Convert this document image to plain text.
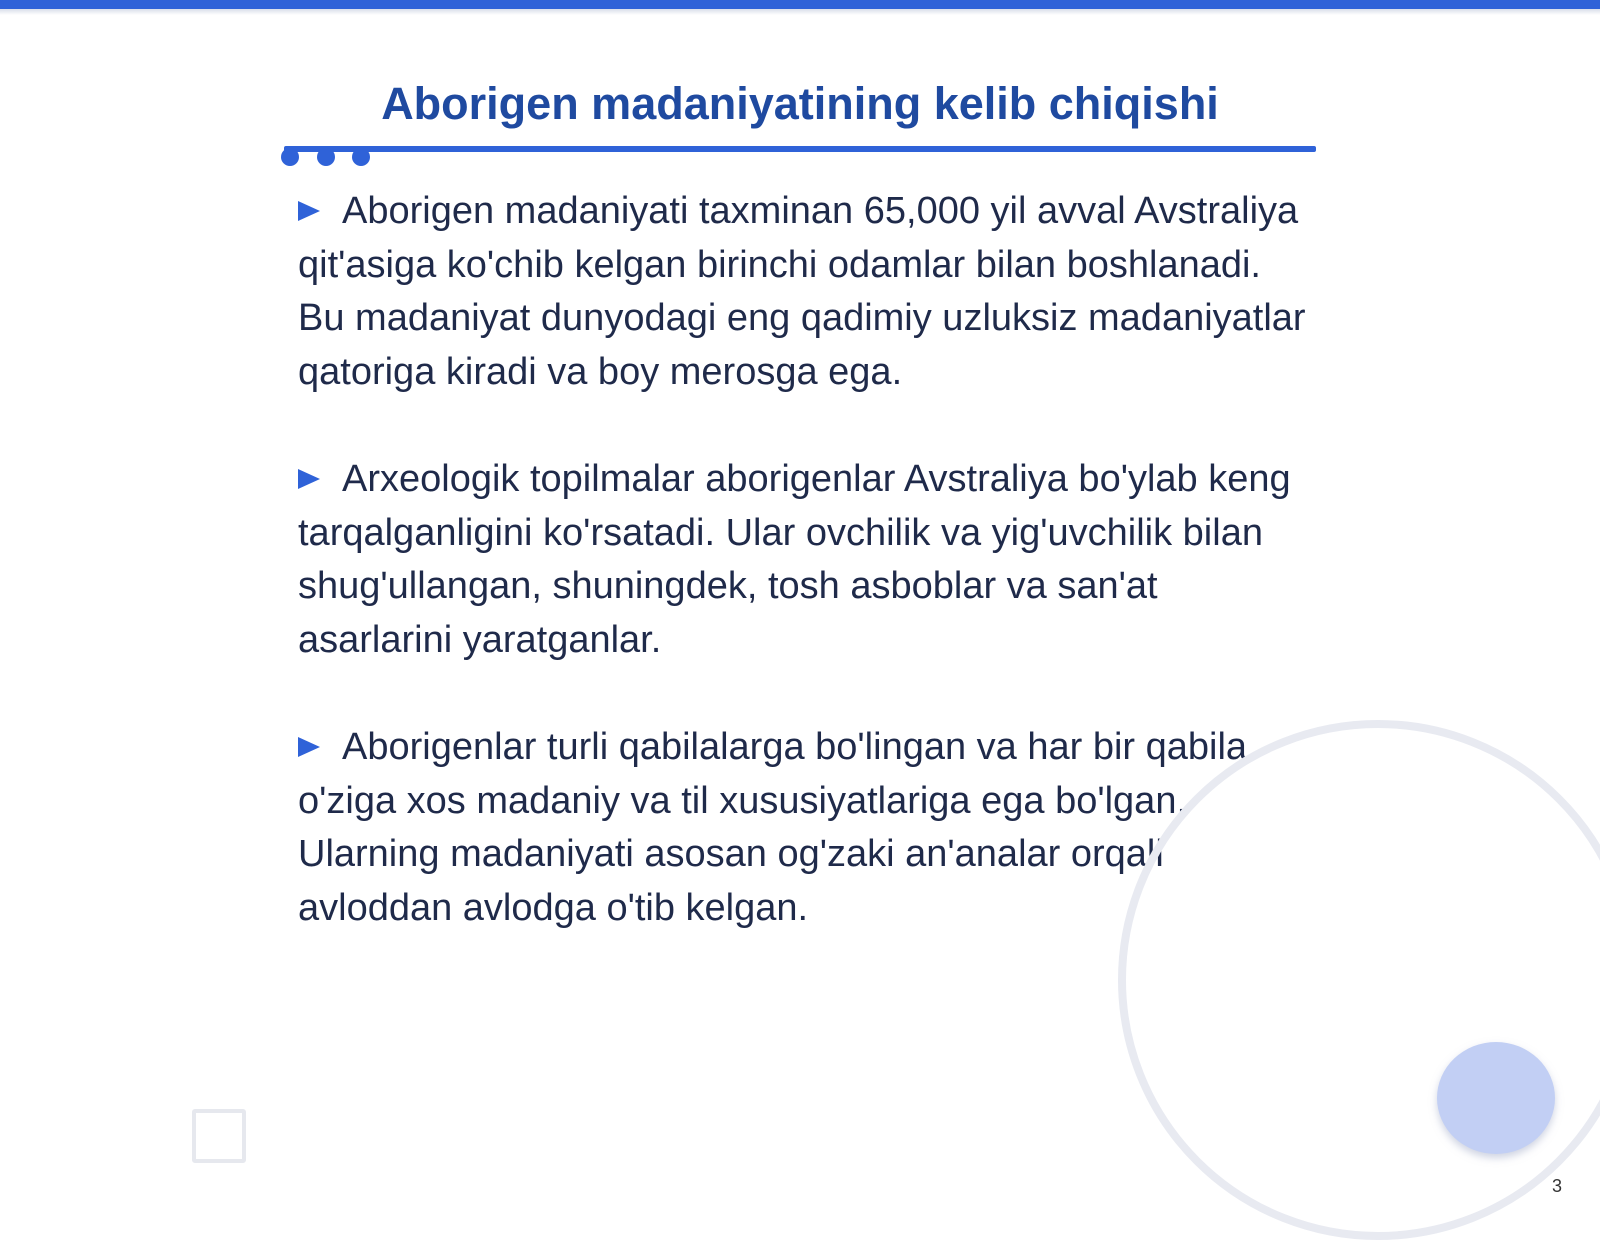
Aborigen madaniyatining kelib chiqishi

Aborigen madaniyati taxminan 65,000 yil avval Avstraliya qit'asiga ko'chib kelgan birinchi odamlar bilan boshlanadi. Bu madaniyat dunyodagi eng qadimiy uzluksiz madaniyatlar qatoriga kiradi va boy merosga ega.

Arxeologik topilmalar aborigenlar Avstraliya bo'ylab keng tarqalganligini ko'rsatadi. Ular ovchilik va yig'uvchilik bilan shug'ullangan, shuningdek, tosh asboblar va san'at asarlarini yaratganlar.

Aborigenlar turli qabilalarga bo'lingan va har bir qabila o'ziga xos madaniy va til xususiyatlariga ega bo'lgan. Ularning madaniyati asosan og'zaki an'analar orqali avloddan avlodga o'tib kelgan.

3
